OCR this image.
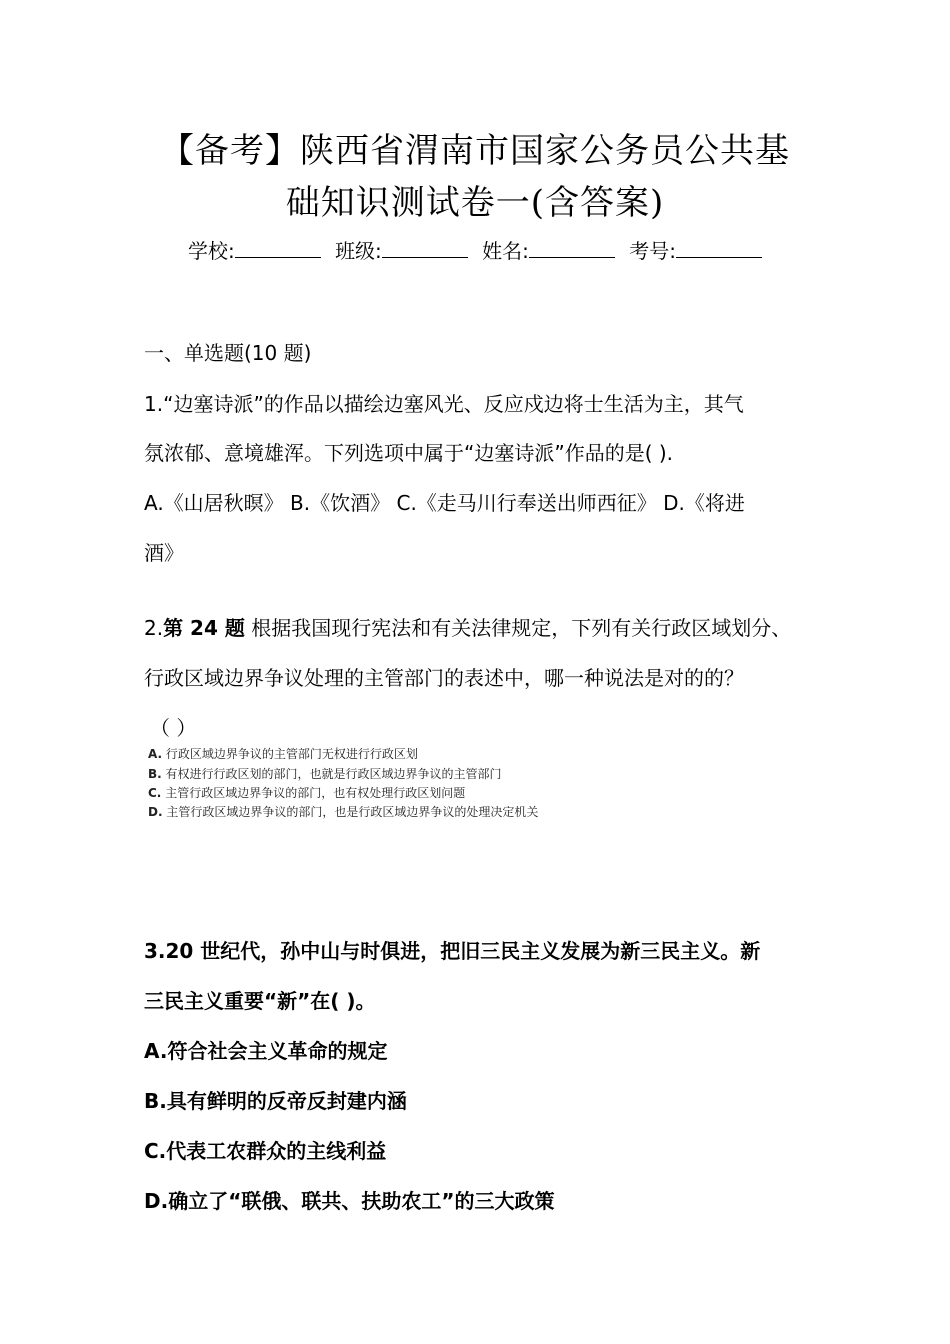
【备考】陕西省渭南市国家公务员公共基
础知识测试卷一(含答案)
学校:	班级:	姓名:	考号:
一、单选题(10 题)
1.“边塞诗派”的作品以描绘边塞风光、反应戍边将士生活为主，其气
氛浓郁、意境雄浑。下列选项中属于“边塞诗派”作品的是( ).
A.《山居秋暝》 B.《饮酒》 C.《走马川行奉送出师西征》 D.《将进
酒》
2.第 24 题 根据我国现行宪法和有关法律规定，下列有关行政区域划分、
行政区域边界争议处理的主管部门的表述中，哪一种说法是对的的？
（ ）
A. 行政区域边界争议的主管部门无权进行行政区划
B. 有权进行行政区划的部门，也就是行政区域边界争议的主管部门
C. 主管行政区域边界争议的部门，也有权处理行政区划问题
D. 主管行政区域边界争议的部门，也是行政区域边界争议的处理决定机关
3.20 世纪代，孙中山与时俱进，把旧三民主义发展为新三民主义。新
三民主义重要“新”在( )。
A.符合社会主义革命的规定
B.具有鲜明的反帝反封建内涵
C.代表工农群众的主线利益
D.确立了“联俄、联共、扶助农工”的三大政策
